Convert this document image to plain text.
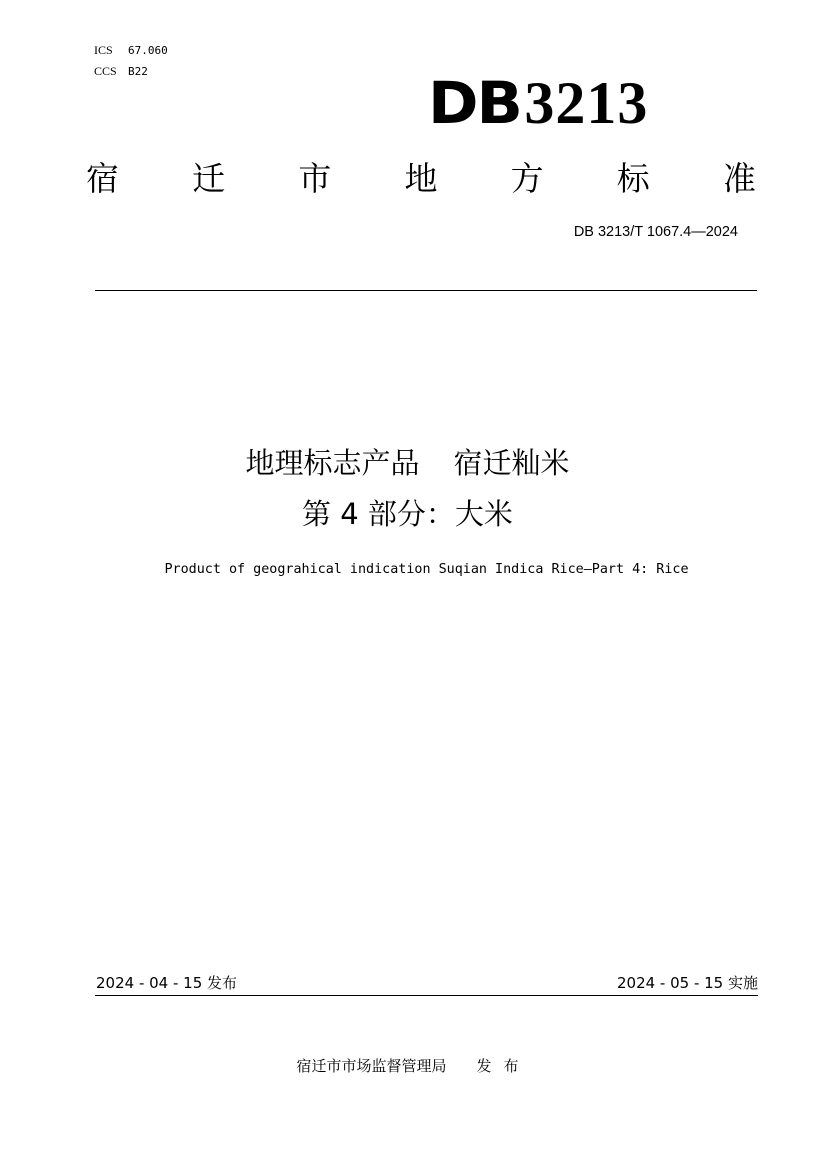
ICS 67.060
CCS B22	DB3213
宿 迁 市 地 方 标 准
DB 3213/T 1067.4—2024
地理标志产品 宿迁籼米
第 4 部分：大米
Product of geograhical indication Suqian Indica Rice—Part 4: Rice
2024 - 04 - 15 发布	2024 - 05 - 15 实施
宿迁市市场监督管理局 发 布
